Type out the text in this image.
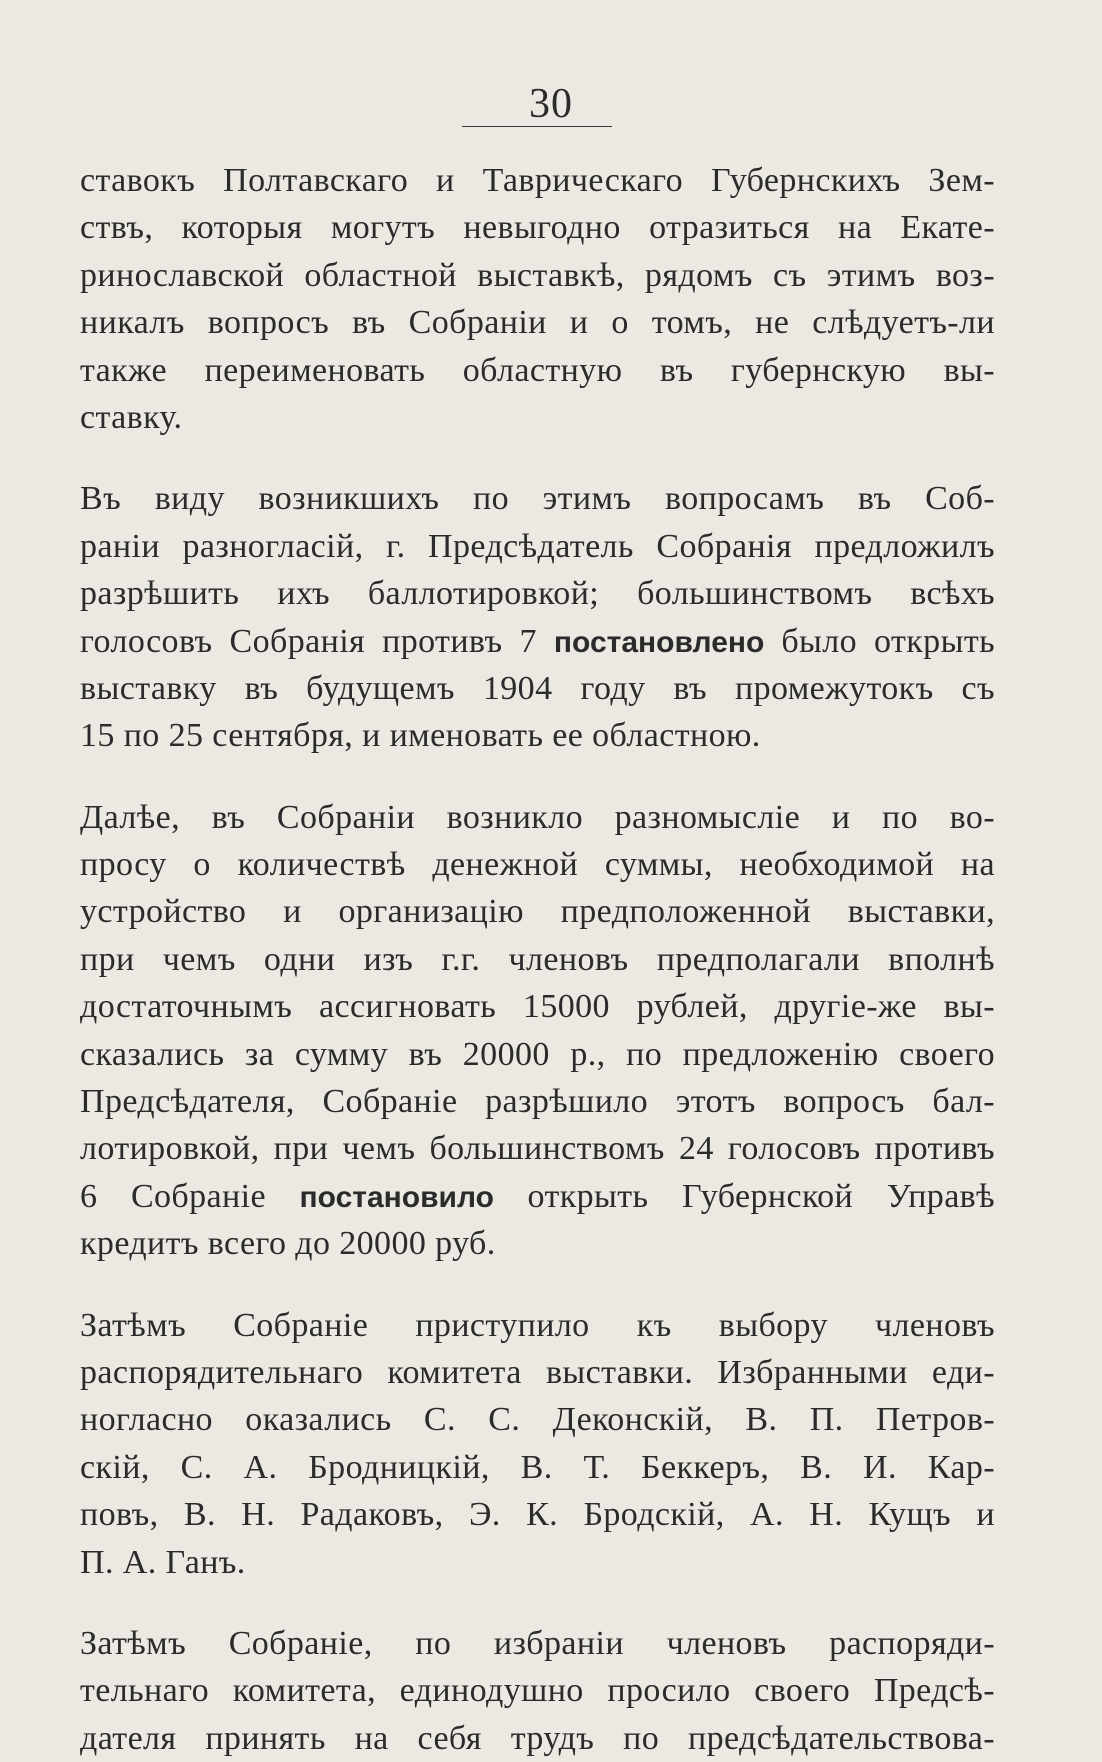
30
ставокъ Полтавскаго и Таврическаго Губернскихъ Зем-
ствъ, которыя могутъ невыгодно отразиться на Екате-
ринославской областной выставкѣ, рядомъ съ этимъ воз-
никалъ вопросъ въ Собраніи и о томъ, не слѣдуетъ-ли
также переименовать областную въ губернскую вы-
ставку.
Въ виду возникшихъ по этимъ вопросамъ въ Соб-
раніи разногласій, г. Предсѣдатель Собранія предложилъ
разрѣшить ихъ баллотировкой; большинствомъ всѣхъ
голосовъ Собранія противъ 7 постановлено было открыть
выставку въ будущемъ 1904 году въ промежутокъ съ
15 по 25 сентября, и именовать ее областною.
Далѣе, въ Собраніи возникло разномысліе и по во-
просу о количествѣ денежной суммы, необходимой на
устройство и организацію предположенной выставки,
при чемъ одни изъ г.г. членовъ предполагали вполнѣ
достаточнымъ ассигновать 15000 рублей, другіе-же вы-
сказались за сумму въ 20000 р., по предложенію своего
Предсѣдателя, Собраніе разрѣшило этотъ вопросъ бал-
лотировкой, при чемъ большинствомъ 24 голосовъ противъ
6 Собраніе постановило открыть Губернской Управѣ
кредитъ всего до 20000 руб.
Затѣмъ Собраніе приступило къ выбору членовъ
распорядительнаго комитета выставки. Избранными еди-
ногласно оказались С. С. Деконскій, В. П. Петров-
скій, С. А. Бродницкій, В. Т. Беккеръ, В. И. Кар-
повъ, В. Н. Радаковъ, Э. К. Бродскій, А. Н. Кущъ и
П. А. Ганъ.
Затѣмъ Собраніе, по избраніи членовъ распоряди-
тельнаго комитета, единодушно просило своего Предсѣ-
дателя принять на себя трудъ по предсѣдательствова-
